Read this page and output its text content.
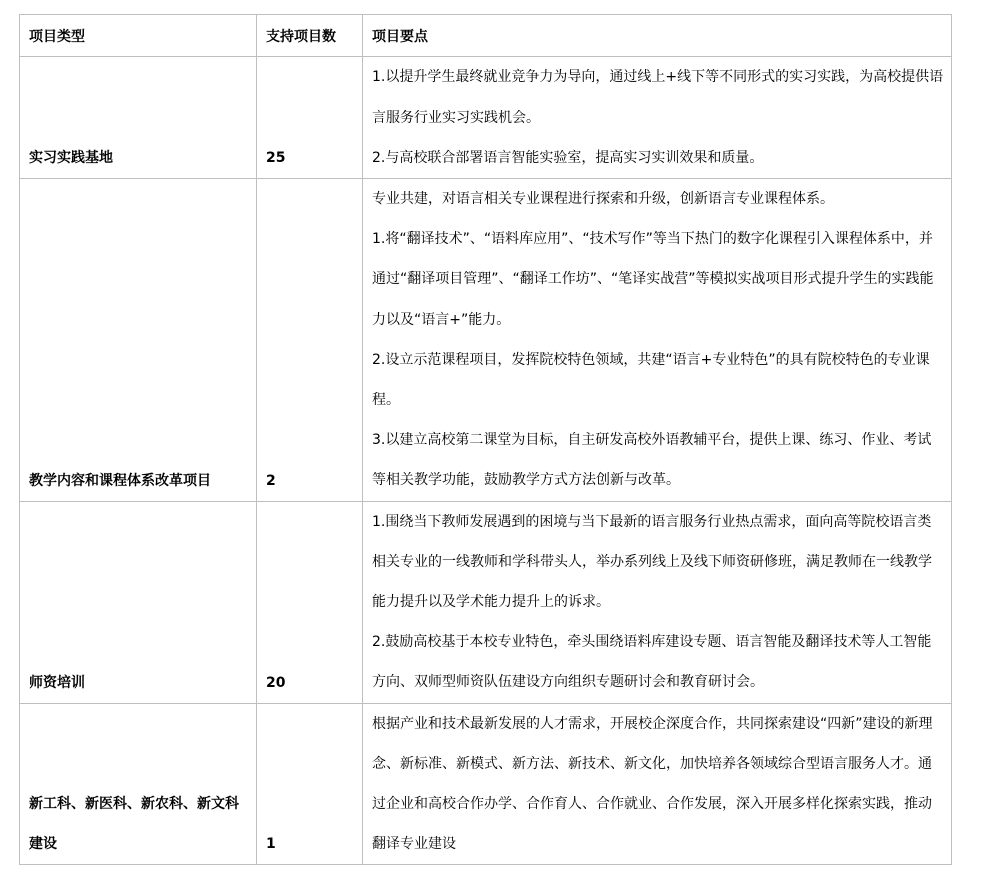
项目类型	支持项目数	项目要点
实习实践基地	25	1.以提升学生最终就业竞争力为导向，通过线上+线下等不同形式的实习实践，为高校提供语言服务行业实习实践机会。

2.与高校联合部署语言智能实验室，提高实习实训效果和质量。

教学内容和课程体系改革项目	2	专业共建，对语言相关专业课程进行探索和升级，创新语言专业课程体系。

1.将“翻译技术”、“语料库应用”、“技术写作”等当下热门的数字化课程引入课程体系中，并通过“翻译项目管理”、“翻译工作坊”、“笔译实战营”等模拟实战项目形式提升学生的实践能力以及“语言+”能力。

2.设立示范课程项目，发挥院校特色领域，共建“语言+专业特色”的具有院校特色的专业课程。

3.以建立高校第二课堂为目标，自主研发高校外语教辅平台，提供上课、练习、作业、考试等相关教学功能，鼓励教学方式方法创新与改革。

师资培训	20	1.围绕当下教师发展遇到的困境与当下最新的语言服务行业热点需求，面向高等院校语言类相关专业的一线教师和学科带头人，举办系列线上及线下师资研修班，满足教师在一线教学能力提升以及学术能力提升上的诉求。

2.鼓励高校基于本校专业特色，牵头围绕语料库建设专题、语言智能及翻译技术等人工智能方向、双师型师资队伍建设方向组织专题研讨会和教育研讨会。

新工科、新医科、新农科、新文科建设	1	根据产业和技术最新发展的人才需求，开展校企深度合作，共同探索建设“四新”建设的新理念、新标准、新模式、新方法、新技术、新文化，加快培养各领域综合型语言服务人才。通过企业和高校合作办学、合作育人、合作就业、合作发展，深入开展多样化探索实践，推动翻译专业建设
